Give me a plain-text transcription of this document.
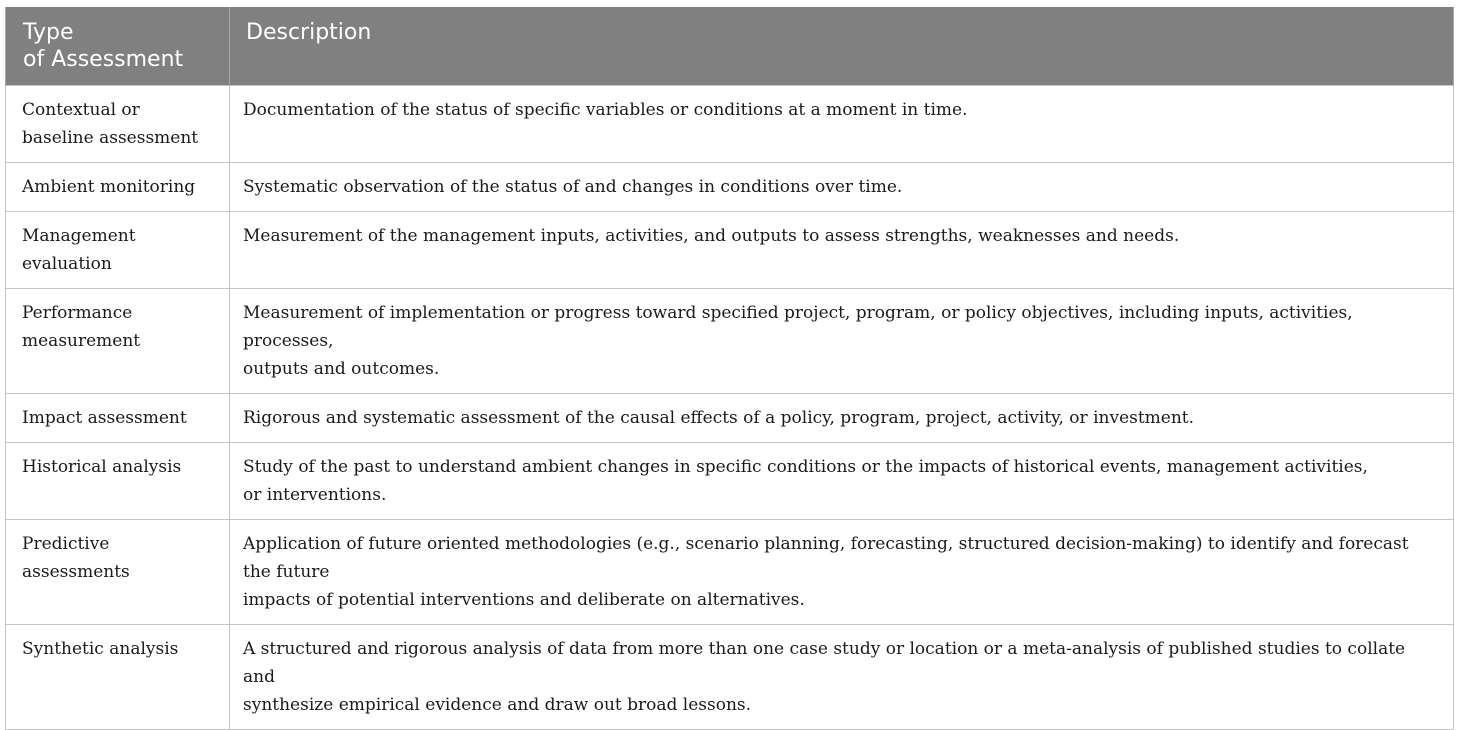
Type
of Assessment	Description
Contextual or
baseline assessment	Documentation of the status of specific variables or conditions at a moment in time.
Ambient monitoring	Systematic observation of the status of and changes in conditions over time.
Management
evaluation	Measurement of the management inputs, activities, and outputs to assess strengths, weaknesses and needs.
Performance
measurement	Measurement of implementation or progress toward specified project, program, or policy objectives, including inputs, activities, processes,
outputs and outcomes.
Impact assessment	Rigorous and systematic assessment of the causal effects of a policy, program, project, activity, or investment.
Historical analysis	Study of the past to understand ambient changes in specific conditions or the impacts of historical events, management activities,
or interventions.
Predictive assessments	Application of future oriented methodologies (e.g., scenario planning, forecasting, structured decision-making) to identify and forecast the future
impacts of potential interventions and deliberate on alternatives.
Synthetic analysis	A structured and rigorous analysis of data from more than one case study or location or a meta-analysis of published studies to collate and
synthesize empirical evidence and draw out broad lessons.
